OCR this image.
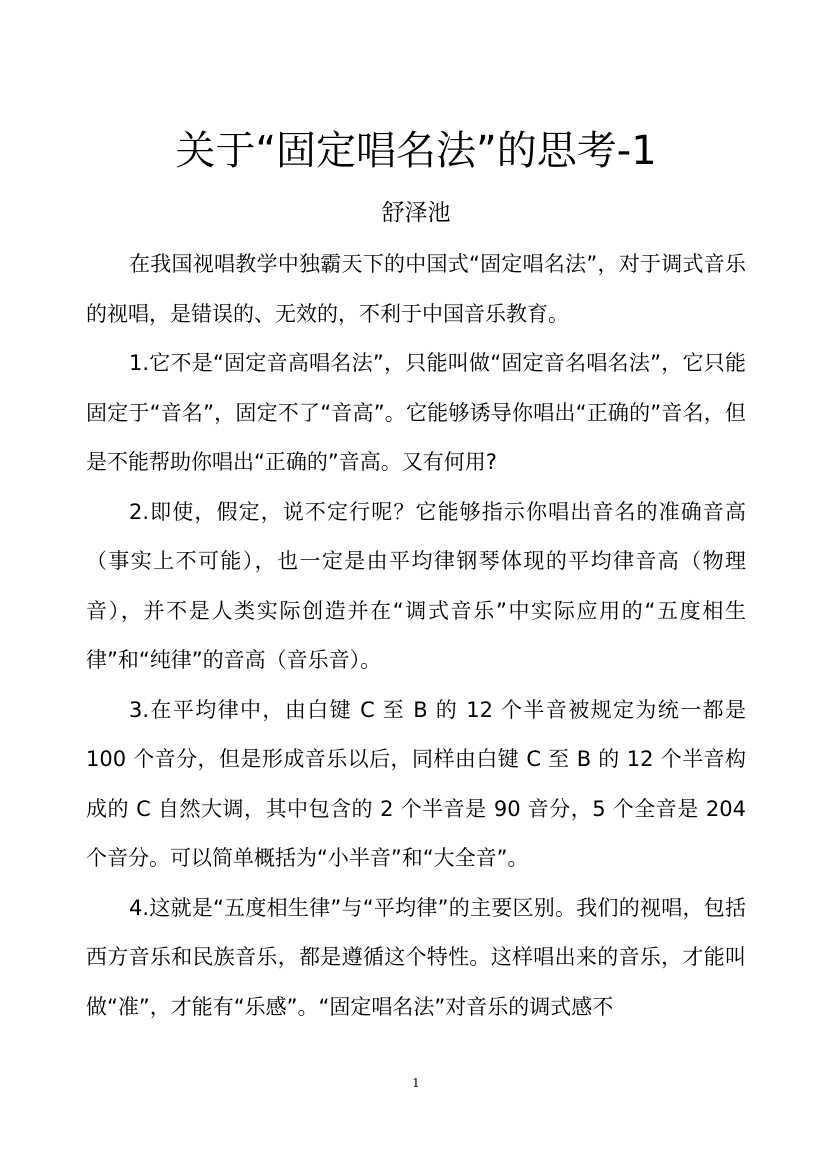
关于“固定唱名法”的思考-1
舒泽池

在我国视唱教学中独霸天下的中国式“固定唱名法”，对于调式音乐的视唱，是错误的、无效的，不利于中国音乐教育。

1.它不是“固定音高唱名法”，只能叫做“固定音名唱名法”，它只能固定于“音名”，固定不了“音高”。它能够诱导你唱出“正确的”音名，但是不能帮助你唱出“正确的”音高。又有何用?

2.即使，假定，说不定行呢？它能够指示你唱出音名的准确音高（事实上不可能），也一定是由平均律钢琴体现的平均律音高（物理音），并不是人类实际创造并在“调式音乐”中实际应用的“五度相生律”和“纯律”的音高（音乐音）。

3.在平均律中，由白键 C 至 B 的 12 个半音被规定为统一都是 100 个音分，但是形成音乐以后，同样由白键 C 至 B 的 12 个半音构成的 C 自然大调，其中包含的 2 个半音是 90 音分，5 个全音是 204 个音分。可以简单概括为“小半音”和“大全音”。

4.这就是“五度相生律”与“平均律”的主要区别。我们的视唱，包括西方音乐和民族音乐，都是遵循这个特性。这样唱出来的音乐，才能叫做“准”，才能有“乐感”。“固定唱名法”对音乐的调式感不

1
